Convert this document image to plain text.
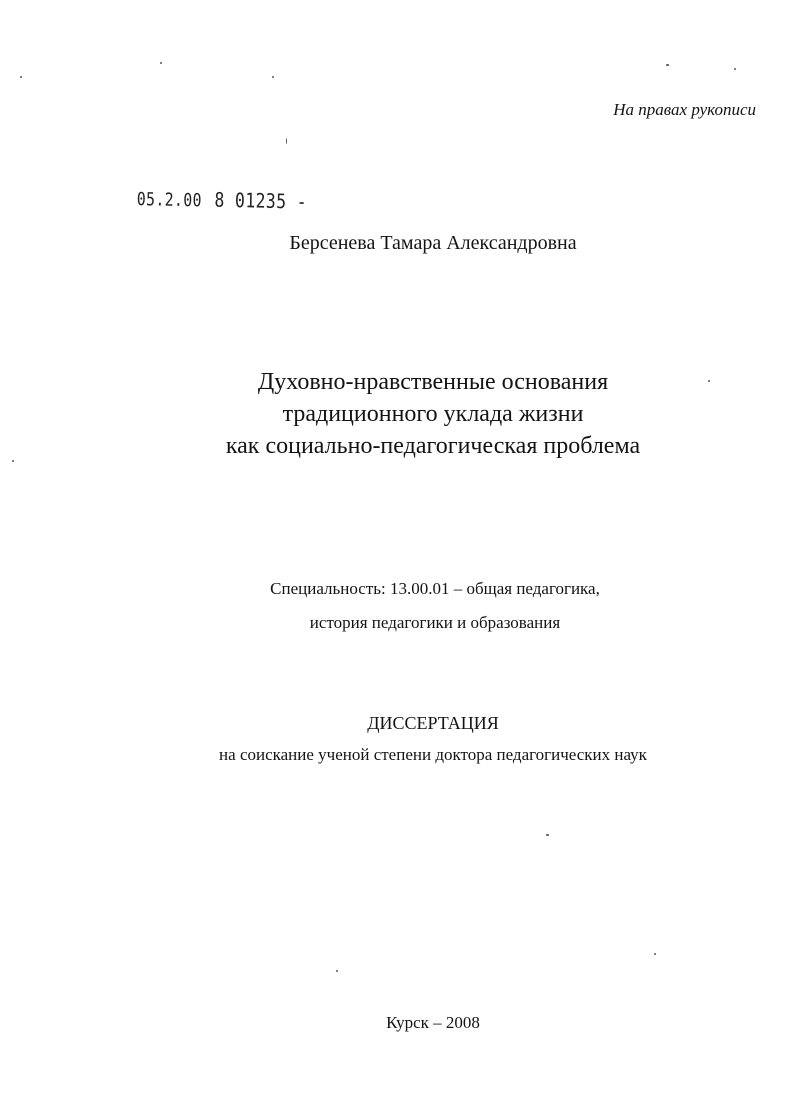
На правах рукописи
05.2.00 8 01235 -
Берсенева Тамара Александровна
Духовно-нравственные основания
традиционного уклада жизни
как социально-педагогическая проблема
Специальность: 13.00.01 – общая педагогика,
история педагогики и образования
ДИССЕРТАЦИЯ
на соискание ученой степени доктора педагогических наук
Курск – 2008
